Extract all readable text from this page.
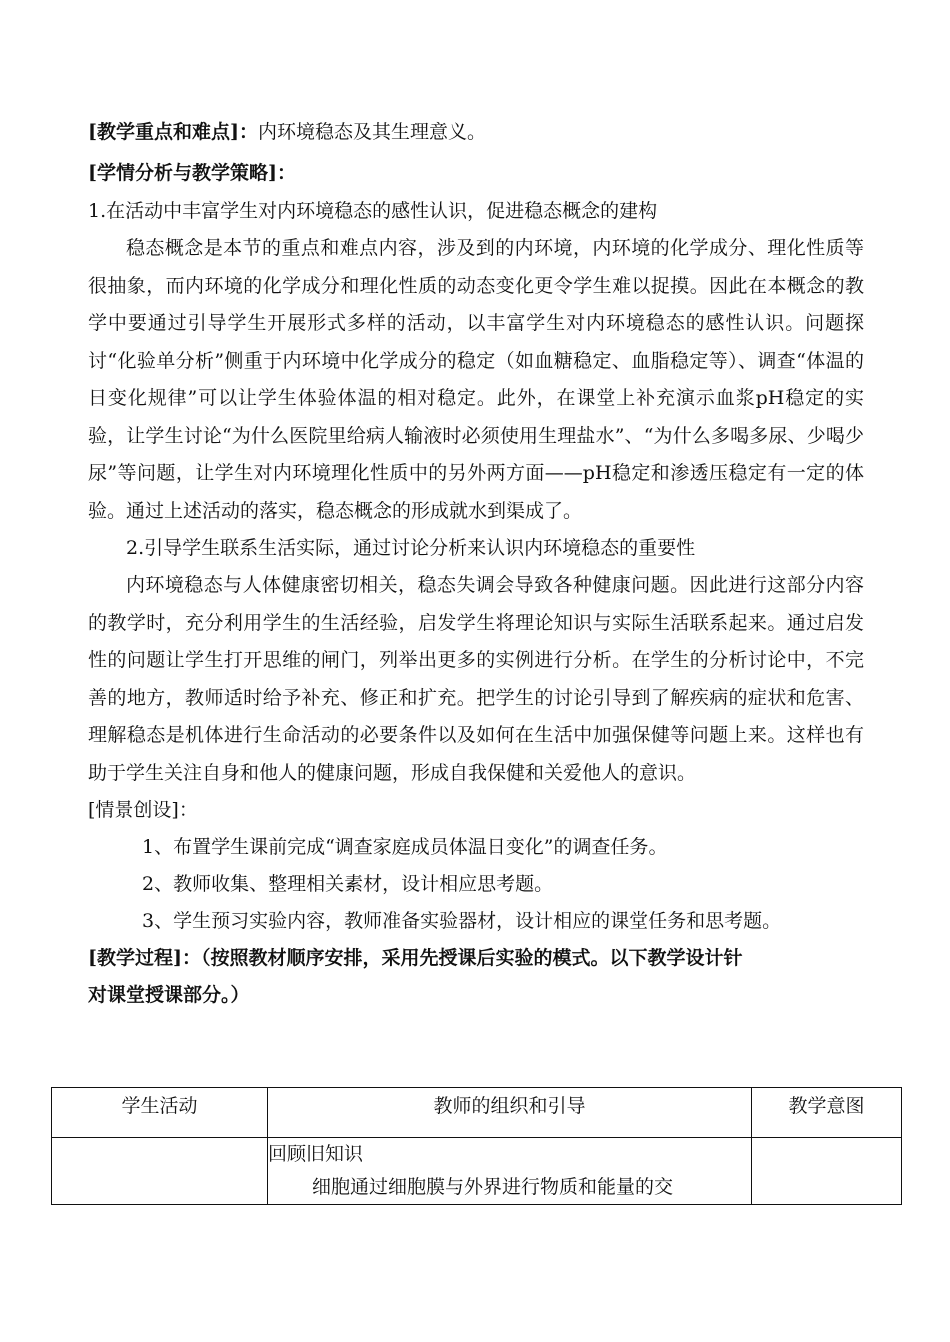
[教学重点和难点]：内环境稳态及其生理意义。

[学情分析与教学策略]：

1.在活动中丰富学生对内环境稳态的感性认识，促进稳态概念的建构

稳态概念是本节的重点和难点内容，涉及到的内环境，内环境的化学成分、理化性质等很抽象，而内环境的化学成分和理化性质的动态变化更令学生难以捉摸。因此在本概念的教学中要通过引导学生开展形式多样的活动，以丰富学生对内环境稳态的感性认识。问题探讨“化验单分析”侧重于内环境中化学成分的稳定（如血糖稳定、血脂稳定等）、调查“体温的日变化规律”可以让学生体验体温的相对稳定。此外，在课堂上补充演示血浆pH稳定的实验，让学生讨论“为什么医院里给病人输液时必须使用生理盐水”、“为什么多喝多尿、少喝少尿”等问题，让学生对内环境理化性质中的另外两方面——pH稳定和渗透压稳定有一定的体验。通过上述活动的落实，稳态概念的形成就水到渠成了。

2.引导学生联系生活实际，通过讨论分析来认识内环境稳态的重要性

内环境稳态与人体健康密切相关，稳态失调会导致各种健康问题。因此进行这部分内容的教学时，充分利用学生的生活经验，启发学生将理论知识与实际生活联系起来。通过启发性的问题让学生打开思维的闸门，列举出更多的实例进行分析。在学生的分析讨论中，不完善的地方，教师适时给予补充、修正和扩充。把学生的讨论引导到了解疾病的症状和危害、理解稳态是机体进行生命活动的必要条件以及如何在生活中加强保健等问题上来。这样也有助于学生关注自身和他人的健康问题，形成自我保健和关爱他人的意识。

[情景创设]：

1、布置学生课前完成“调查家庭成员体温日变化”的调查任务。

2、教师收集、整理相关素材，设计相应思考题。

3、学生预习实验内容，教师准备实验器材，设计相应的课堂任务和思考题。

[教学过程]：（按照教材顺序安排，采用先授课后实验的模式。以下教学设计针

对课堂授课部分。）

学生活动	教师的组织和引导	教学意图

	回顾旧知识
细胞通过细胞膜与外界进行物质和能量的交	
